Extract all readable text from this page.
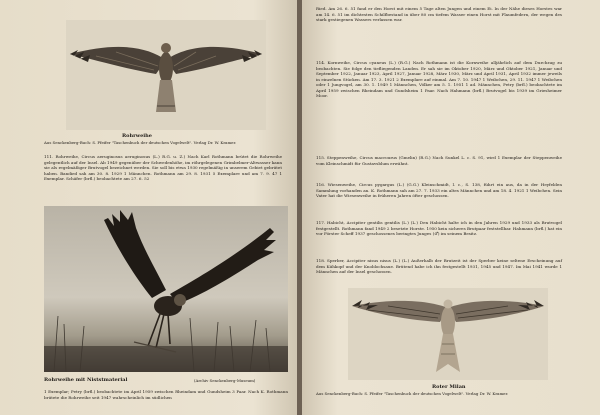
Rohrweihe
Aus Senckenberg-Buch: S. Pfeifer "Taschenbuch der deutschen Vogelwelt". Verlag Dr. W. Kramer.

111. Rohrweihe, Circus aeruginosus aeruginosus (L.) R.G. u. Z.) Nach Karl Rothmann brütet die Rohrweihe gelegentlich auf der Insel. Ab 1949 gegenüber der Schwedenhöhe, im röhrgelegenen Grimbelmer-Altwasser kann sie als regelmäßiger Brutvogel bezeichnet werden. Sie soll bis etwa 1930 regelmäßig in unserem Gebiet gebrütet haben. Bandied sah am 30. 8. 1929 1 Männchen. Rothmann am 29. 8. 1931 5 Exemplare und am 7. 9. 47 1 Exemplar. Schäfer (brfl.) beobachtete am 27. 6. 52

Rohrweihe mit Niststmaterial	(Archiv Senckenberg-Museum)

1 Exemplar; Petry (brfl.) beobachtete im April 1959 zwischen Rheindam und Gundsheim 3 Paar. Nach K. Rothmann brütete die Rohrweihe seit 1947 wahrscheinlich im südlichen

Ried. Am 26. 6. 51 fand er den Horst mit einem 5 Tage alten Jungen und einem Ei. In der Nähe dieses Horstes war am 14. 6. 51 im dichtesten Schilfbestand in über 80 cm tiefem Wasser einen Horst mit Flaumfedern, der wegen des stark gestiegenen Wassers verlassen war.

114. Kornweihe, Circus cyaneus (L.) (R.G.) Nach Rothmann ist die Kornweihe alljährlich auf dem Durchzug zu beobachten. Sie folge den tiefliegenden Landen. Er sah sie im Oktober 1920, März und Oktober 1921, Januar und September 1922, Januar 1923, April 1927, Januar 1928, März 1930, März und April 1931, April 1932 immer jeweils in einzelnen Stücken. Am 17. 3. 1921 2 Exemplare auf einmal. Am 7. 10. 1947 1 Weibchen, 29. 11. 1947 1 Weibchen oder 1 Jungvogel, am 30. 1. 1949 1 Männchen, Völker am 5. 1. 1951 1 ad. Männchen, Petry (brfl.) beobachtete im April 1959 zwischen Rheindam und Gundsheim 1 Paar. Nach Hahmann (brfl.) Brutvogel bis 1939 im Griesheimer Moor.

115. Steppenweihe, Circus macrourus (Gmelin) (R.G.) Nach Sunkel L. c. S. 91, wird 1 Exemplar der Steppenweihe vom Kleinschmidt für Gustavsblum erwähnt.

116. Wiesenweihe, Circus pygargus (L.) (G.G.) Kleinschmidt, l. c., S. 138, führt ein aus, da in der Heyfelden Sammlung vorhanden an. K. Rothmann sah am 27. 7. 1933 ein altes Männchen und am 18. 4. 1921 1 Weibchen. Sein Vater hat die Wiesenweihe in früheren Jahren öfter geschossen.

117. Habicht, Accipiter gentilis gentilis (L.) (L.) Den Habicht halte ich in den Jahren 1929 und 1933 als Brutvogel festgestellt. Rothmann fand 1949 2 besetzte Horste. 1950 kein sicheres Brutpaar feststellbar. Hahmann (brfl.) hat ein vor Förster Scheff 1937 geschossenes beringtes Junges (♂) im seinem Besitz.

118. Sperber, Accipiter nisus nisus (L.) (L.) Außerhalb der Brutzeit ist der Sperber keine seltene Erscheinung auf dem Kühkopf und der Knoblochsaue. Brütend habe ich ihn festgestellt 1931, 1945 und 1947. Im Mai 1941 wurde 1 Männchen auf der Insel geschossen.

Roter Milan
Aus Senckenberg-Buch: S. Pfeifer "Taschenbuch der deutschen Vogelwelt". Verlag Dr. W. Kramer.
